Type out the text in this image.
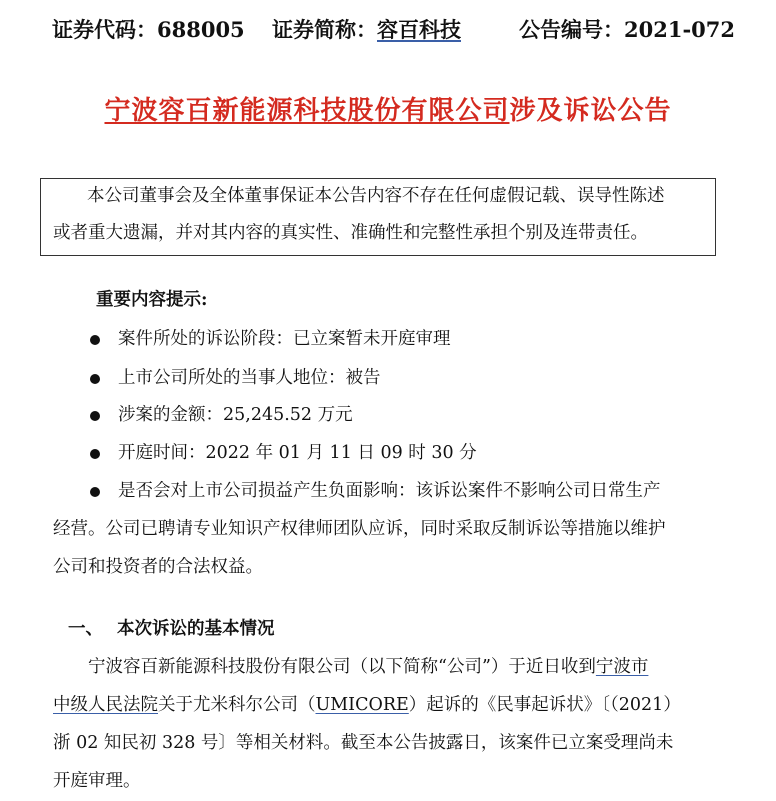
证券代码：688005 证券简称：容百科技	公告编号：2021-072
宁波容百新能源科技股份有限公司涉及诉讼公告
本公司董事会及全体董事保证本公告内容不存在任何虚假记载、误导性陈述
或者重大遗漏，并对其内容的真实性、准确性和完整性承担个别及连带责任。
重要内容提示:
案件所处的诉讼阶段：已立案暂未开庭审理
上市公司所处的当事人地位：被告
涉案的金额：25,245.52 万元
开庭时间：2022 年 01 月 11 日 09 时 30 分
是否会对上市公司损益产生负面影响：该诉讼案件不影响公司日常生产
经营。公司已聘请专业知识产权律师团队应诉，同时采取反制诉讼等措施以维护
公司和投资者的合法权益。
一、 本次诉讼的基本情况
宁波容百新能源科技股份有限公司（以下简称“公司”）于近日收到宁波市
中级人民法院关于尤米科尔公司（UMICORE）起诉的《民事起诉状》〔（2021）
浙 02 知民初 328 号〕等相关材料。截至本公告披露日，该案件已立案受理尚未
开庭审理。
